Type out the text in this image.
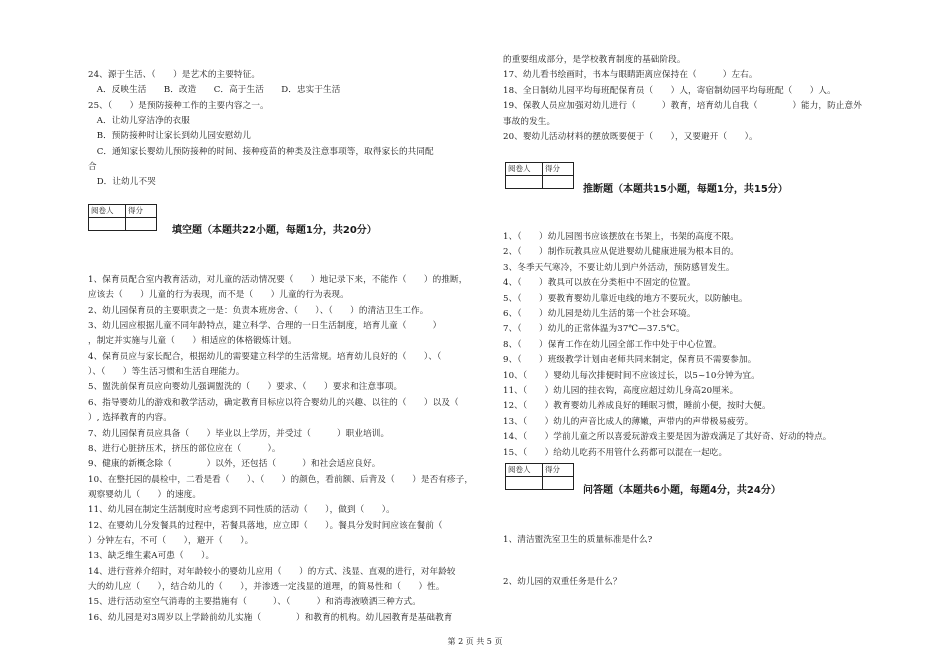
24、源于生活、（　　）是艺术的主要特征。
　A．反映生活　　B．改造　　C．高于生活　　D．忠实于生活
25、（　　）是预防接种工作的主要内容之一。
　A．让幼儿穿洁净的衣服
　B．预防接种时让家长到幼儿园安慰幼儿
　C．通知家长婴幼儿预防接种的时间、接种疫苗的种类及注意事项等，取得家长的共同配
合
　D．让幼儿不哭
阅卷人	得分

填空题（本题共22小题，每题1分，共20分）
1、保育员配合室内教育活动，对儿童的活动情况要（　　）地记录下来，不能作（　　）的推断，
应该去（　　）儿童的行为表现，而不是（　　）儿童的行为表现。
2、幼儿园保育员的主要职责之一是：负责本班房舍、（　　）、（　　）的清洁卫生工作。
3、幼儿园应根据儿童不同年龄特点，建立科学、合理的一日生活制度，培育儿童（　　　）
，制定并实施与儿童（　　）相适应的体格锻炼计划。
4、保育员应与家长配合，根据幼儿的需要建立科学的生活常规。培育幼儿良好的（　　）、（　
）、（　　）等生活习惯和生活自理能力。
5、盥洗前保育员应向婴幼儿强调盥洗的（　　）要求、（　　）要求和注意事项。
6、指导婴幼儿的游戏和教学活动，确定教育目标应以符合婴幼儿的兴趣、以往的（　　）以及（
）, 选择教育的内容。
7、幼儿园保育员应具备（　　）毕业以上学历，并受过（　　　）职业培训。
8、进行心脏挤压术，挤压的部位应在（　　　）。
9、健康的新概念除（　　　　）以外，还包括（　　　）和社会适应良好。
10、在整托园的晨检中，二看是看（　　）、（　　）的颜色，看前额、后背及（　　）是否有疹子，
观察婴幼儿（　　）的速度。
11、幼儿园在制定生活制度时应考虑到不同性质的活动（　　），做到（　　）。
12、在婴幼儿分发餐具的过程中，若餐具落地，应立即（　　）。餐具分发时间应该在餐前（　
）分钟左右，不可（　　），避开（　　）。
13、缺乏维生素A可患（　　）。
14、进行营养介绍时，对年龄较小的婴幼儿应用（　　）的方式、浅显、直观的进行，对年龄较
大的幼儿应（　　），结合幼儿的（　　），并渗透一定浅显的道理，的简易性和（　　）性。
15、进行活动室空气消毒的主要措施有（　　　）、（　　　）和消毒液喷洒三种方式。
16、幼儿园是对3周岁以上学龄前幼儿实施（　　　　）和教育的机构。幼儿园教育是基础教育
的重要组成部分，是学校教育制度的基础阶段。
17、幼儿看书绘画时，书本与眼睛距离应保持在（　　　）左右。
18、全日制幼儿园平均每班配保育员（　　）人，寄宿制幼园平均每班配（　　）人。
19、保教人员应加强对幼儿进行（　　　）教育，培育幼儿自我（　　　　）能力，防止意外
事故的发生。
20、婴幼儿活动材料的摆放既要便于（　　），又要避开（　　）。
阅卷人	得分

推断题（本题共15小题，每题1分，共15分）
1、（　　）幼儿园图书应该摆放在书架上，书架的高度不限。
2、（　　）制作玩教具应从促进婴幼儿健康进展为根本目的。
3、冬季天气寒冷，不要让幼儿到户外活动，预防感冒发生。
4、（　　）教具可以放在分类柜中不固定的位置。
5、（　　）要教育婴幼儿靠近电线的地方不要玩火，以防触电。
6、（　　）幼儿园是幼儿生活的第一个社会环境。
7、（　　）幼儿的正常体温为37℃—37.5℃。
8、（　　）保育工作在幼儿园全部工作中处于中心位置。
9、（　　）班级教学计划由老师共同来制定，保育员不需要参加。
10、（　　）婴幼儿每次排便时间不应该过长，以5~10分钟为宜。
11、（　　）幼儿园的挂衣钩，高度应超过幼儿身高20厘米。
12、（　　）教育婴幼儿养成良好的睡眠习惯，睡前小便，按时大便。
13、（　　）幼儿的声音比成人的薄嫩，声带内的声带极易疲劳。
14、（　　）学前儿童之所以喜爱玩游戏主要是因为游戏满足了其好奇、好动的特点。
15、（　　）给幼儿吃药不用管什么药都可以混在一起吃。
阅卷人	得分

问答题（本题共6小题，每题4分，共24分）
1、清洁盥洗室卫生的质量标准是什么?
2、幼儿园的双重任务是什么？
第 2 页 共 5 页
